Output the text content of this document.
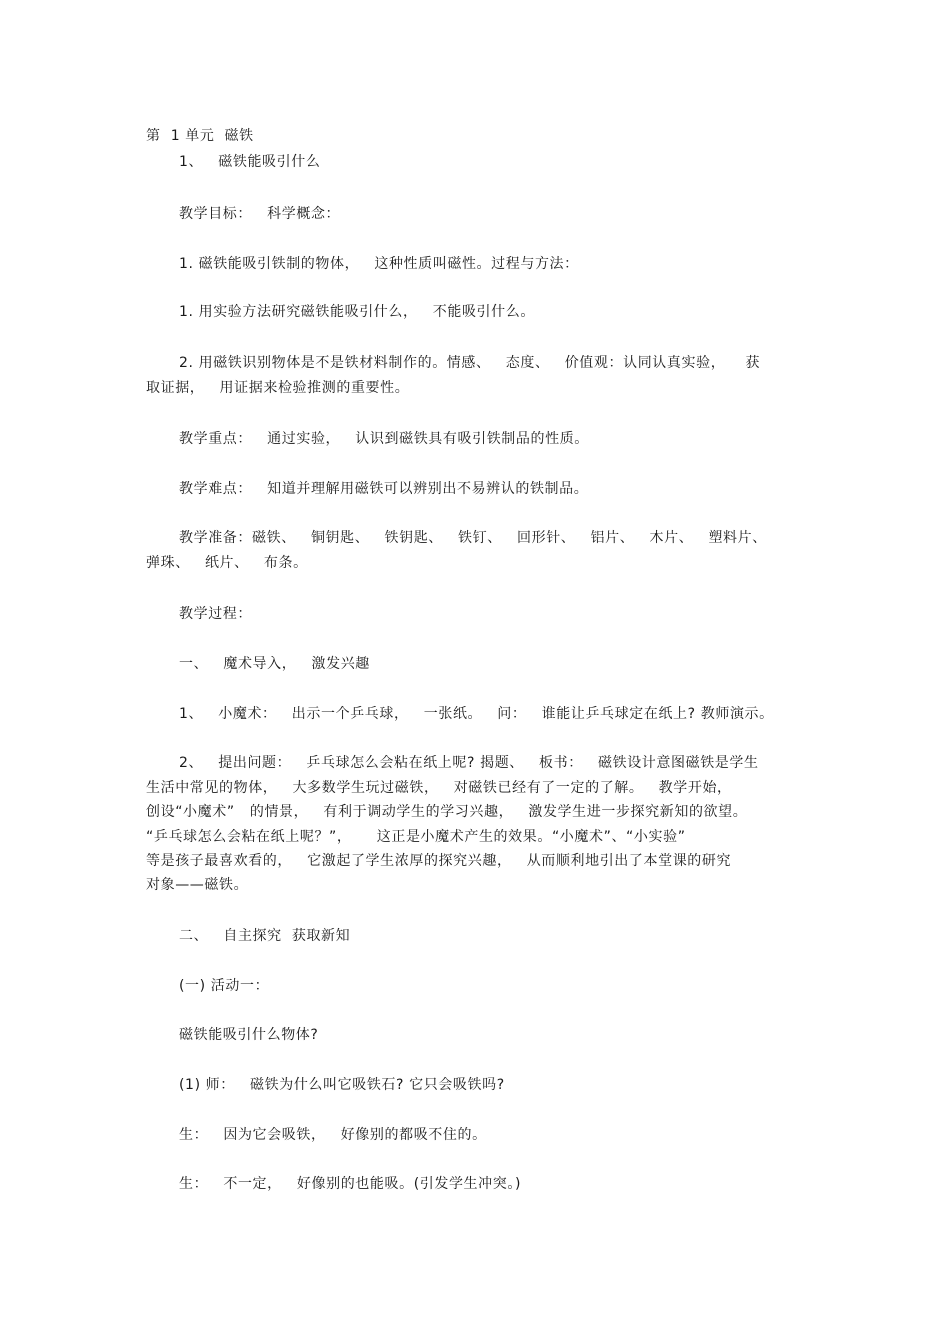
第  1 单元  磁铁
1、   磁铁能吸引什么
教学目标：   科学概念：
1. 磁铁能吸引铁制的物体，   这种性质叫磁性。过程与方法：
1. 用实验方法研究磁铁能吸引什么，   不能吸引什么。
2. 用磁铁识别物体是不是铁材料制作的。情感、   态度、   价值观：认同认真实验，    获
取证据，   用证据来检验推测的重要性。
教学重点：   通过实验，   认识到磁铁具有吸引铁制品的性质。
教学难点：   知道并理解用磁铁可以辨别出不易辨认的铁制品。
教学准备：磁铁、   铜钥匙、   铁钥匙、   铁钉、   回形针、   铝片、   木片、   塑料片、
弹珠、   纸片、   布条。
教学过程：
一、   魔术导入，   激发兴趣
1、   小魔术：   出示一个乒乓球，   一张纸。   问：   谁能让乒乓球定在纸上? 教师演示。
2、   提出问题：   乒乓球怎么会粘在纸上呢? 揭题、   板书：   磁铁设计意图磁铁是学生
生活中常见的物体，   大多数学生玩过磁铁，   对磁铁已经有了一定的了解。   教学开始，
创设“小魔术”   的情景，   有利于调动学生的学习兴趣，   激发学生进一步探究新知的欲望。
“乒乓球怎么会粘在纸上呢？”，     这正是小魔术产生的效果。“小魔术”、“小实验”
等是孩子最喜欢看的，   它激起了学生浓厚的探究兴趣，   从而顺利地引出了本堂课的研究
对象——磁铁。
二、   自主探究  获取新知
(一) 活动一：
磁铁能吸引什么物体?
(1) 师：   磁铁为什么叫它吸铁石? 它只会吸铁吗?
生：   因为它会吸铁，   好像别的都吸不住的。
生：   不一定，   好像别的也能吸。(引发学生冲突。)
